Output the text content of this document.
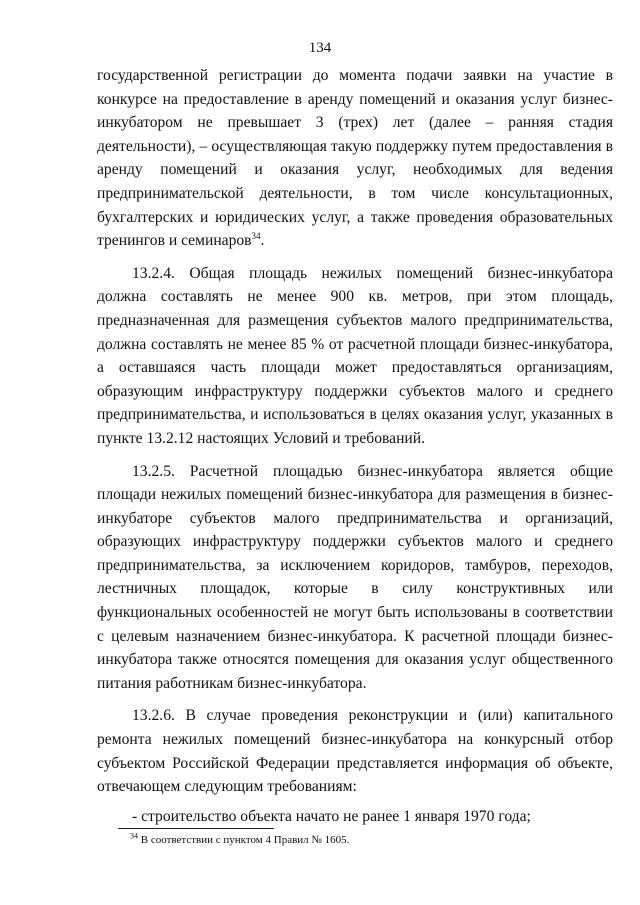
134

государственной регистрации до момента подачи заявки на участие в конкурсе на предоставление в аренду помещений и оказания услуг бизнес-инкубатором не превышает 3 (трех) лет (далее – ранняя стадия деятельности), – осуществляющая такую поддержку путем предоставления в аренду помещений и оказания услуг, необходимых для ведения предпринимательской деятельности, в том числе консультационных, бухгалтерских и юридических услуг, а также проведения образовательных тренингов и семинаров$^{34}$.

13.2.4. Общая площадь нежилых помещений бизнес-инкубатора должна составлять не менее 900 кв. метров, при этом площадь, предназначенная для размещения субъектов малого предпринимательства, должна составлять не менее 85 % от расчетной площади бизнес-инкубатора, а оставшаяся часть площади может предоставляться организациям, образующим инфраструктуру поддержки субъектов малого и среднего предпринимательства, и использоваться в целях оказания услуг, указанных в пункте 13.2.12 настоящих Условий и требований.

13.2.5. Расчетной площадью бизнес-инкубатора является общие площади нежилых помещений бизнес-инкубатора для размещения в бизнес-инкубаторе субъектов малого предпринимательства и организаций, образующих инфраструктуру поддержки субъектов малого и среднего предпринимательства, за исключением коридоров, тамбуров, переходов, лестничных площадок, которые в силу конструктивных или функциональных особенностей не могут быть использованы в соответствии с целевым назначением бизнес-инкубатора. К расчетной площади бизнес-инкубатора также относятся помещения для оказания услуг общественного питания работникам бизнес-инкубатора.

13.2.6. В случае проведения реконструкции и (или) капитального ремонта нежилых помещений бизнес-инкубатора на конкурсный отбор субъектом Российской Федерации представляется информация об объекте, отвечающем следующим требованиям:

- строительство объекта начато не ранее 1 января 1970 года;

$^{34}$ В соответствии с пунктом 4 Правил № 1605.
